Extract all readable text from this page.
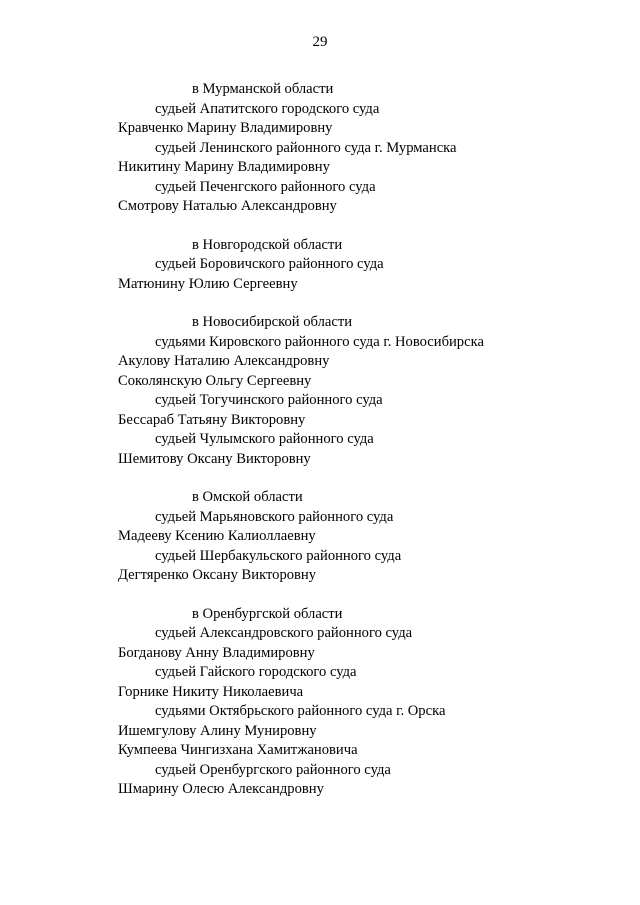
29
в Мурманской области
судьей Апатитского городского суда
Кравченко Марину Владимировну
судьей Ленинского районного суда г. Мурманска
Никитину Марину Владимировну
судьей Печенгского районного суда
Смотрову Наталью Александровну
в Новгородской области
судьей Боровичского районного суда
Матюнину Юлию Сергеевну
в Новосибирской области
судьями Кировского районного суда г. Новосибирска
Акулову Наталию Александровну
Соколянскую Ольгу Сергеевну
судьей Тогучинского районного суда
Бессараб Татьяну Викторовну
судьей Чулымского районного суда
Шемитову Оксану Викторовну
в Омской области
судьей Марьяновского районного суда
Мадееву Ксению Калиоллаевну
судьей Шербакульского районного суда
Дегтяренко Оксану Викторовну
в Оренбургской области
судьей Александровского районного суда
Богданову Анну Владимировну
судьей Гайского городского суда
Горнике Никиту Николаевича
судьями Октябрьского районного суда г. Орска
Ишемгулову Алину Мунировну
Кумпеева Чингизхана Хамитжановича
судьей Оренбургского районного суда
Шмарину Олесю Александровну
